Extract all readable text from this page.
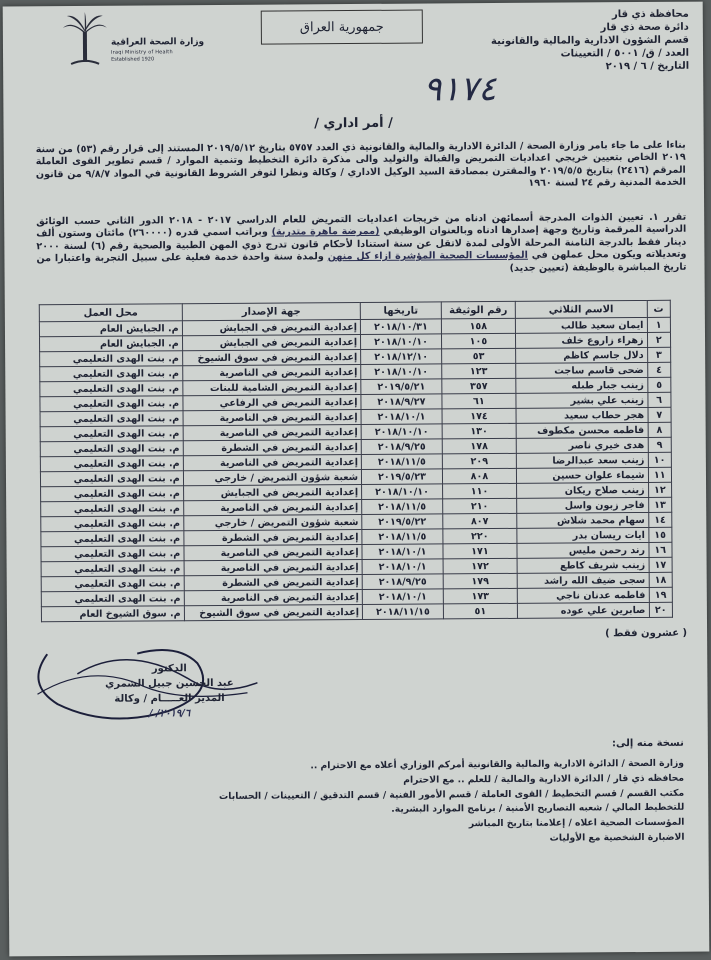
وزارة الصحة العراقية
Iraqi Ministry of Health
Established 1920
جمهورية العراق
محافظة ذي قار
دائرة صحة ذي قار
قسم الشؤون الادارية والمالية والقانونية
العدد / ق/ ٥٠٠١ / التعيينات
التاريخ / ٦ / ٢٠١٩
٩١٧٤
/ أمر اداري /
بناءا على ما جاء بامر وزارة الصحة / الدائرة الادارية والمالية والقانونية ذي العدد ٥٧٥٧ بتاريخ ٢٠١٩/٥/١٢ المستند إلى قرار رقم (٥٣) من سنة ٢٠١٩ الخاص بتعيين خريجي اعداديات التمريض والقبالة والتوليد والى مذكرة دائرة التخطيط وتنمية الموارد / قسم تطوير القوى العاملة المرقم (٢٤١٦) بتاريخ ٢٠١٩/٥/٥ والمقترن بمصادقة السيد الوكيل الاداري / وكالة ونظرا لتوفر الشروط القانونية في المواد ٩/٨/٧ من قانون الخدمة المدنية رقم ٢٤ لسنة ١٩٦٠
تقرر ١. تعيين الذوات المدرجة أسمائهن ادناه من خريجات اعداديات التمريض للعام الدراسي ٢٠١٧ - ٢٠١٨ الدور الثاني حسب الوثائق الدراسية المرقمة وتاريخ وجهة إصدارها ادناه وبالعنوان الوظيفي (ممرضة ماهرة متدربة) وبراتب اسمي قدره (٢٦٠٠٠٠) مائتان وستون ألف دينار فقط بالدرجة الثامنة المرحلة الأولى لمدة لاتقل عن سنة استنادا لأحكام قانون تدرج ذوي المهن الطبية والصحية رقم (٦) لسنة ٢٠٠٠ وتعديلاته ويكون محل عملهن في المؤسسات الصحية المؤشرة ازاء كل منهن ولمدة سنة واحدة خدمة فعلية على سبيل التجربة واعتبارا من تاريخ المباشرة بالوظيفة (تعيين جديد)
ت	الاسم الثلاثي	رقم الوثيقة	تاريخها	جهة الإصدار	محل العمل
١	ايمان سعيد طالب	١٥٨	٢٠١٨/١٠/٣١	إعدادية التمريض في الجبايش	م. الجبايش العام
٢	زهراء زاروع خلف	١٠٥	٢٠١٨/١٠/١٠	إعدادية التمريض في الجبايش	م. الجبايش العام
٣	دلال جاسم كاظم	٥٣	٢٠١٨/١٢/١٠	إعدادية التمريض في سوق الشيوخ	م. بنت الهدى التعليمي
٤	ضحى قاسم ساجت	١٢٣	٢٠١٨/١٠/١٠	إعدادية التمريض في الناصرية	م. بنت الهدى التعليمي
٥	زينب جبار طبله	٣٥٧	٢٠١٩/٥/٢١	إعدادية التمريض الشامية للبنات	م. بنت الهدى التعليمي
٦	زينب علي بشير	٦١	٢٠١٨/٩/٢٧	إعدادية التمريض في الرفاعي	م. بنت الهدى التعليمي
٧	هجر حطاب سعيد	١٧٤	٢٠١٨/١٠/١	إعدادية التمريض في الناصرية	م. بنت الهدى التعليمي
٨	فاطمه محسن مكطوف	١٣٠	٢٠١٨/١٠/١٠	إعدادية التمريض في الناصرية	م. بنت الهدى التعليمي
٩	هدى خيري ناصر	١٧٨	٢٠١٨/٩/٢٥	إعدادية التمريض في الشطرة	م. بنت الهدى التعليمي
١٠	زينب سعد عبدالرضا	٢٠٩	٢٠١٨/١١/٥	إعدادية التمريض في الناصرية	م. بنت الهدى التعليمي
١١	شيماء علوان حسين	٨٠٨	٢٠١٩/٥/٢٣	شعبة شؤون التمريض / خارجي	م. بنت الهدى التعليمي
١٢	زينب صلاح ريكان	١١٠	٢٠١٨/١٠/١٠	إعدادية التمريض في الجبايش	م. بنت الهدى التعليمي
١٣	فاجر زبون واسل	٢١٠	٢٠١٨/١١/٥	إعدادية التمريض في الناصرية	م. بنت الهدى التعليمي
١٤	سهام محمد شلاش	٨٠٧	٢٠١٩/٥/٢٢	شعبة شؤون التمريض / خارجي	م. بنت الهدى التعليمي
١٥	ايات ريسان بدر	٢٢٠	٢٠١٨/١١/٥	إعدادية التمريض في الشطرة	م. بنت الهدى التعليمي
١٦	رند رحمن مليس	١٧١	٢٠١٨/١٠/١	إعدادية التمريض في الناصرية	م. بنت الهدى التعليمي
١٧	زينب شريف كاطع	١٧٢	٢٠١٨/١٠/١	إعدادية التمريض في الناصرية	م. بنت الهدى التعليمي
١٨	سجى ضيف الله راشد	١٧٩	٢٠١٨/٩/٢٥	إعدادية التمريض في الشطرة	م. بنت الهدى التعليمي
١٩	فاطمه عدنان ناجي	١٧٣	٢٠١٨/١٠/١	إعدادية التمريض في الناصرية	م. بنت الهدى التعليمي
٢٠	صابرين علي عوده	٥١	٢٠١٨/١١/١٥	إعدادية التمريض في سوق الشيوخ	م. سوق الشيوخ العام
( عشرون فقط )
الدكتور
عبد الحسين جبيل الشمري
المدير العـــــام / وكالة
٢٠١٩/٦/ /
نسخة منه إلى:
وزارة الصحة / الدائرة الادارية والمالية والقانونية أمركم الوزاري أعلاه مع الاحترام ..
محافظه ذي قار / الدائرة الادارية والمالية / للعلم .. مع الاحترام
مكتب القسم / قسم التخطيط / القوى العاملة / قسم الأمور الفنية / قسم التدقيق / التعيينات / الحسابات
للتخطيط المالي / شعبه التصاريح الأمنية / برنامج الموارد البشرية.
المؤسسات الصحية اعلاه / إعلامنا بتاريخ المباشر
الاضبارة الشخصية مع الأوليات
